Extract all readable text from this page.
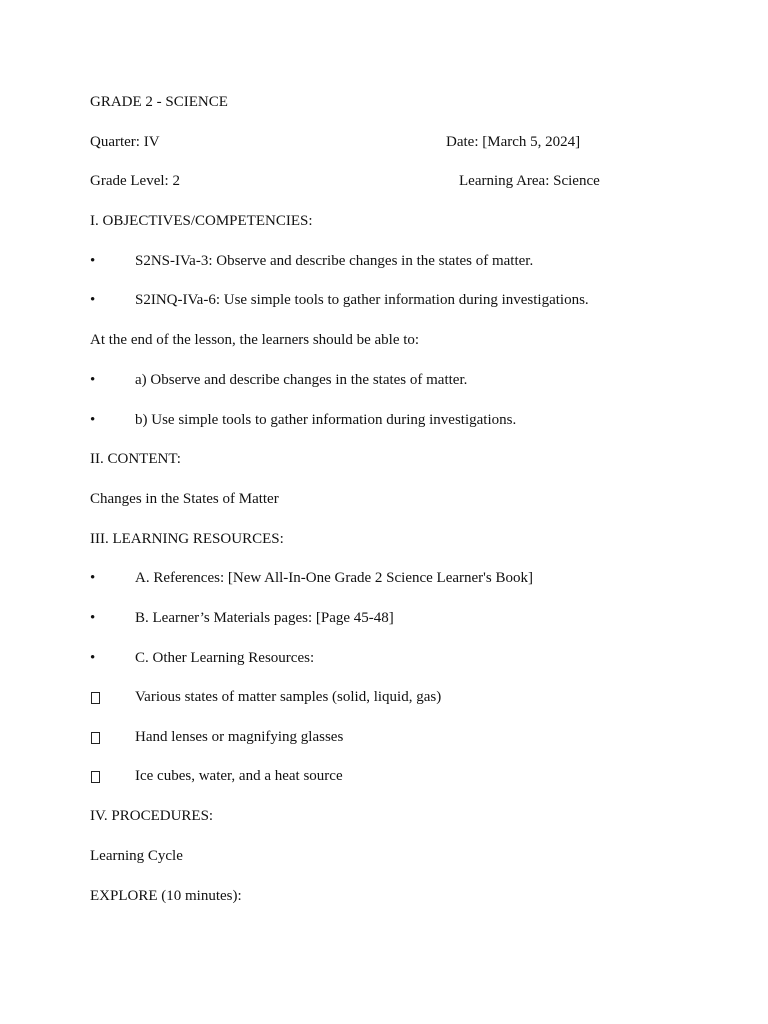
GRADE 2 - SCIENCE
Quarter: IV	Date: [March 5, 2024]
Grade Level: 2	Learning Area: Science
I. OBJECTIVES/COMPETENCIES:
•	S2NS-IVa-3: Observe and describe changes in the states of matter.
•	S2INQ-IVa-6: Use simple tools to gather information during investigations.
At the end of the lesson, the learners should be able to:
•	a) Observe and describe changes in the states of matter.
•	b) Use simple tools to gather information during investigations.
II. CONTENT:
Changes in the States of Matter
III. LEARNING RESOURCES:
•	A. References: [New All-In-One Grade 2 Science Learner's Book]
•	B. Learner’s Materials pages: [Page 45-48]
•	C. Other Learning Resources:
Various states of matter samples (solid, liquid, gas)
Hand lenses or magnifying glasses
Ice cubes, water, and a heat source
IV. PROCEDURES:
Learning Cycle
EXPLORE (10 minutes):
